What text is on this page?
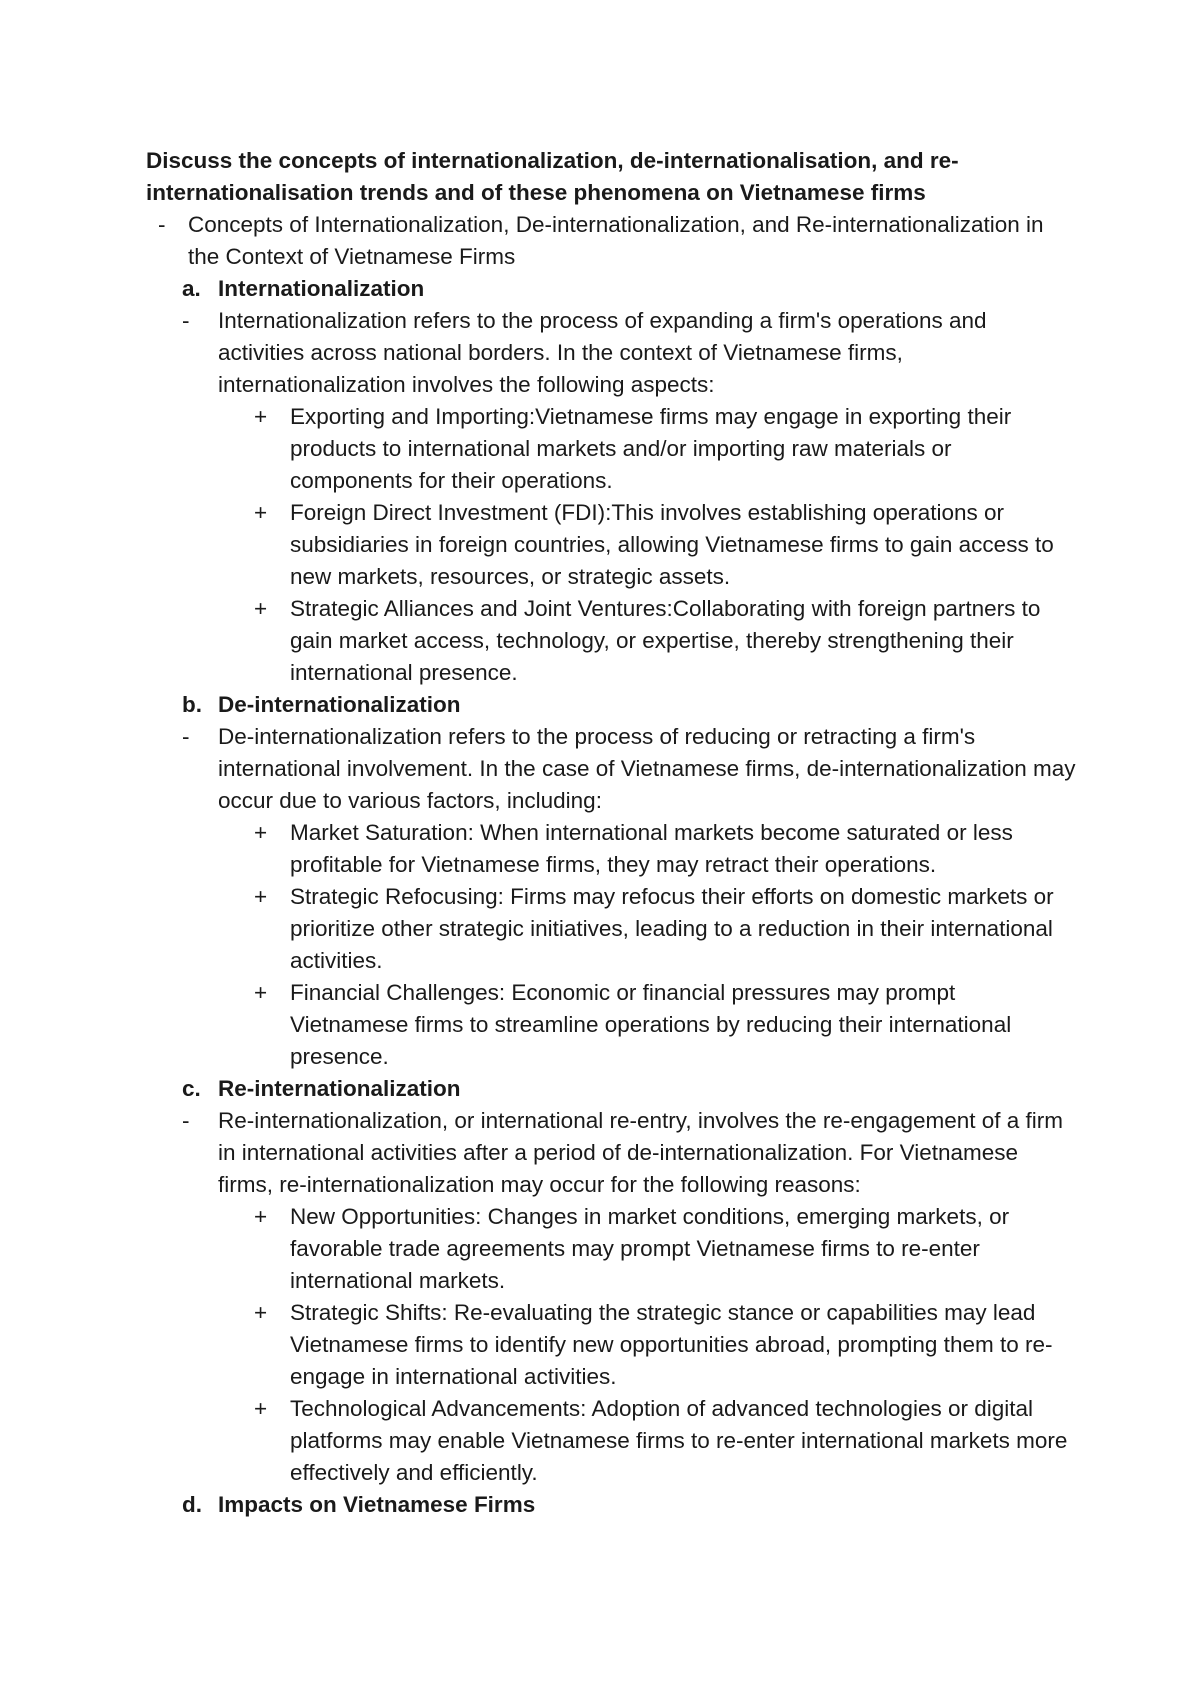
Discuss the concepts of internationalization, de-internationalisation, and re-internationalisation trends and of these phenomena on Vietnamese firms

-	Concepts of Internationalization, De-internationalization, and Re-internationalization in the Context of Vietnamese Firms
a. Internationalization
-	Internationalization refers to the process of expanding a firm's operations and activities across national borders. In the context of Vietnamese firms, internationalization involves the following aspects:
+	Exporting and Importing:Vietnamese firms may engage in exporting their products to international markets and/or importing raw materials or components for their operations.
+	Foreign Direct Investment (FDI):This involves establishing operations or subsidiaries in foreign countries, allowing Vietnamese firms to gain access to new markets, resources, or strategic assets.
+	Strategic Alliances and Joint Ventures:Collaborating with foreign partners to gain market access, technology, or expertise, thereby strengthening their international presence.
b. De-internationalization
-	De-internationalization refers to the process of reducing or retracting a firm's international involvement. In the case of Vietnamese firms, de-internationalization may occur due to various factors, including:
+	Market Saturation: When international markets become saturated or less profitable for Vietnamese firms, they may retract their operations.
+	Strategic Refocusing: Firms may refocus their efforts on domestic markets or prioritize other strategic initiatives, leading to a reduction in their international activities.
+	Financial Challenges: Economic or financial pressures may prompt Vietnamese firms to streamline operations by reducing their international presence.
c. Re-internationalization
-	Re-internationalization, or international re-entry, involves the re-engagement of a firm in international activities after a period of de-internationalization. For Vietnamese firms, re-internationalization may occur for the following reasons:
+	New Opportunities: Changes in market conditions, emerging markets, or favorable trade agreements may prompt Vietnamese firms to re-enter international markets.
+	Strategic Shifts: Re-evaluating the strategic stance or capabilities may lead Vietnamese firms to identify new opportunities abroad, prompting them to re-engage in international activities.
+	Technological Advancements: Adoption of advanced technologies or digital platforms may enable Vietnamese firms to re-enter international markets more effectively and efficiently.
d. Impacts on Vietnamese Firms
